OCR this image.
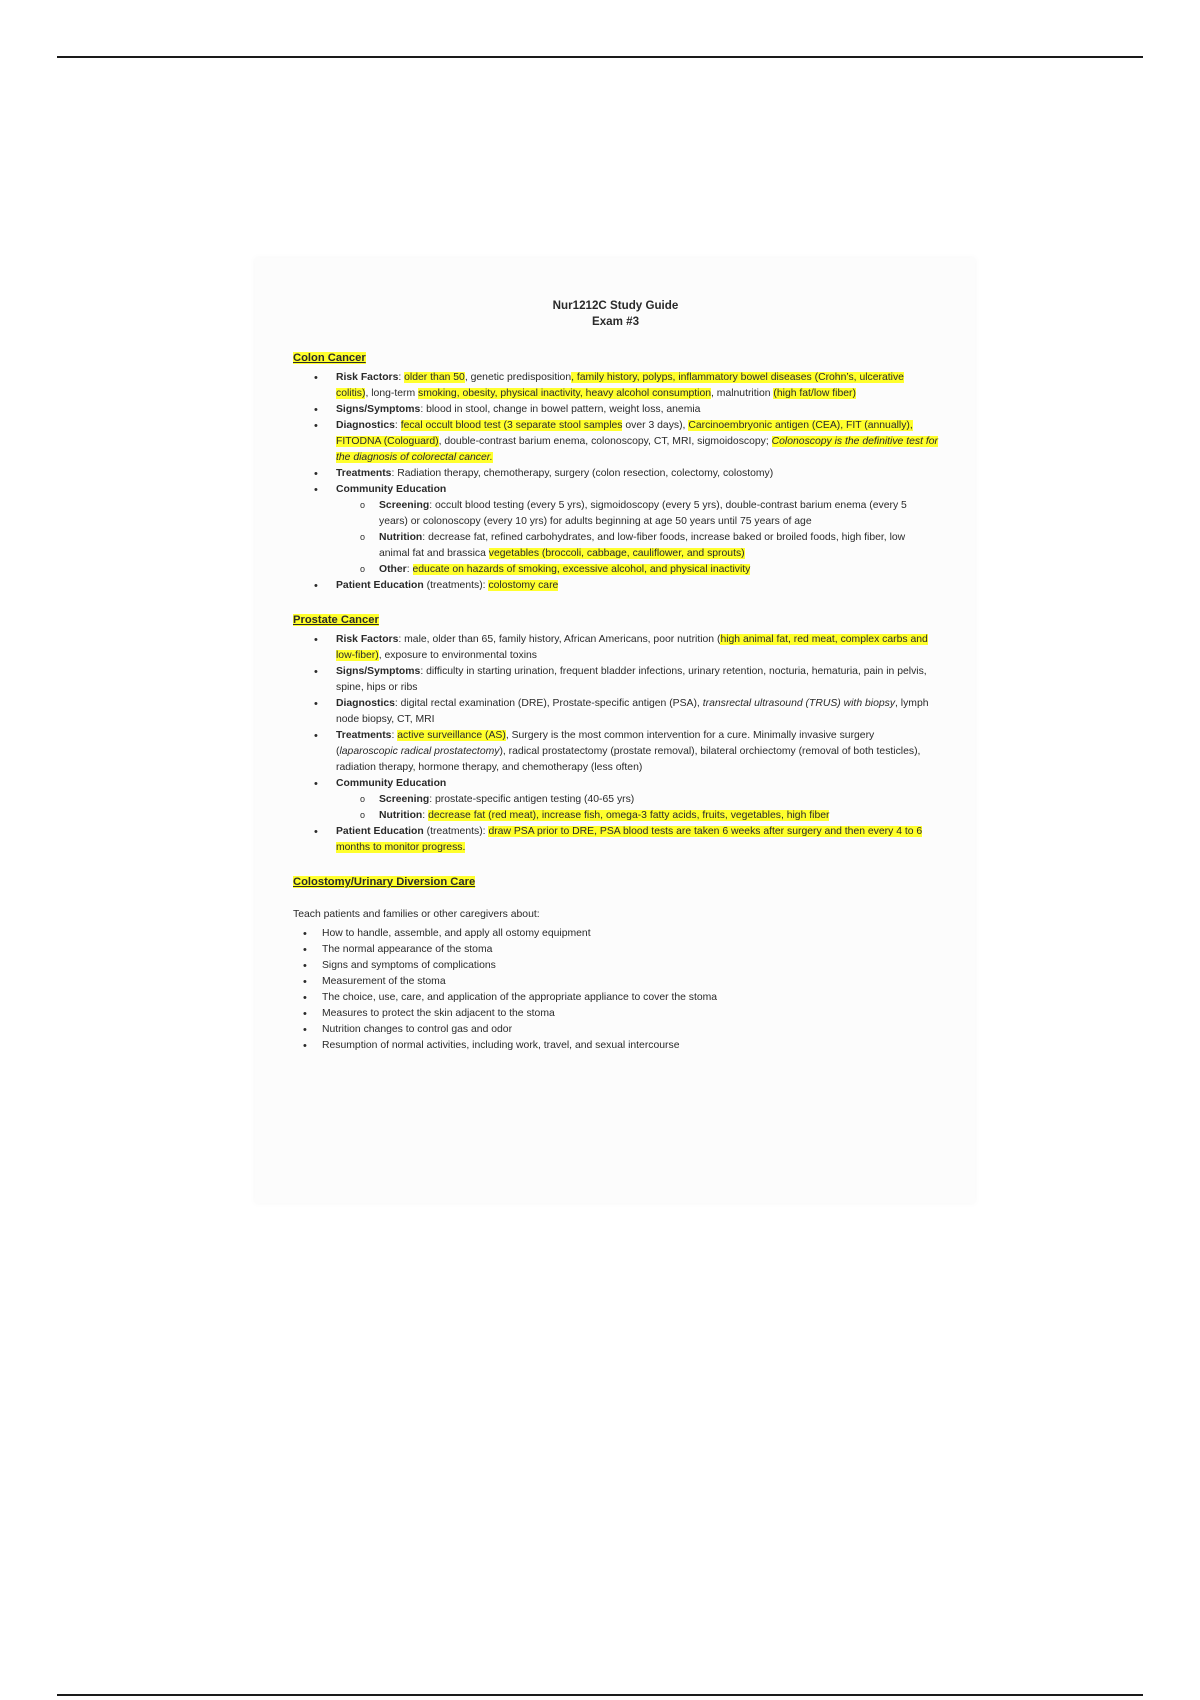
Nur1212C Study Guide
Exam #3

Colon Cancer
• Risk Factors: older than 50, genetic predisposition, family history, polyps, inflammatory bowel diseases (Crohn’s, ulcerative colitis), long-term smoking, obesity, physical inactivity, heavy alcohol consumption, malnutrition (high fat/low fiber)
• Signs/Symptoms: blood in stool, change in bowel pattern, weight loss, anemia
• Diagnostics: fecal occult blood test (3 separate stool samples over 3 days), Carcinoembryonic antigen (CEA), FIT (annually), FITODNA (Cologuard), double-contrast barium enema, colonoscopy, CT, MRI, sigmoidoscopy; Colonoscopy is the definitive test for the diagnosis of colorectal cancer.
• Treatments: Radiation therapy, chemotherapy, surgery (colon resection, colectomy, colostomy)
• Community Education
o Screening: occult blood testing (every 5 yrs), sigmoidoscopy (every 5 yrs), double-contrast barium enema (every 5 years) or colonoscopy (every 10 yrs) for adults beginning at age 50 years until 75 years of age
o Nutrition: decrease fat, refined carbohydrates, and low-fiber foods, increase baked or broiled foods, high fiber, low animal fat and brassica vegetables (broccoli, cabbage, cauliflower, and sprouts)
o Other: educate on hazards of smoking, excessive alcohol, and physical inactivity
• Patient Education (treatments): colostomy care
Prostate Cancer
• Risk Factors: male, older than 65, family history, African Americans, poor nutrition (high animal fat, red meat, complex carbs and low-fiber), exposure to environmental toxins
• Signs/Symptoms: difficulty in starting urination, frequent bladder infections, urinary retention, nocturia, hematuria, pain in pelvis, spine, hips or ribs
• Diagnostics: digital rectal examination (DRE), Prostate-specific antigen (PSA), transrectal ultrasound (TRUS) with biopsy, lymph node biopsy, CT, MRI
• Treatments: active surveillance (AS), Surgery is the most common intervention for a cure. Minimally invasive surgery (laparoscopic radical prostatectomy), radical prostatectomy (prostate removal), bilateral orchiectomy (removal of both testicles), radiation therapy, hormone therapy, and chemotherapy (less often)
• Community Education
o Screening: prostate-specific antigen testing (40-65 yrs)
o Nutrition: decrease fat (red meat), increase fish, omega-3 fatty acids, fruits, vegetables, high fiber
• Patient Education (treatments): draw PSA prior to DRE, PSA blood tests are taken 6 weeks after surgery and then every 4 to 6 months to monitor progress.
Colostomy/Urinary Diversion Care
Teach patients and families or other caregivers about:
• How to handle, assemble, and apply all ostomy equipment
• The normal appearance of the stoma
• Signs and symptoms of complications
• Measurement of the stoma
• The choice, use, care, and application of the appropriate appliance to cover the stoma
• Measures to protect the skin adjacent to the stoma
• Nutrition changes to control gas and odor
• Resumption of normal activities, including work, travel, and sexual intercourse
